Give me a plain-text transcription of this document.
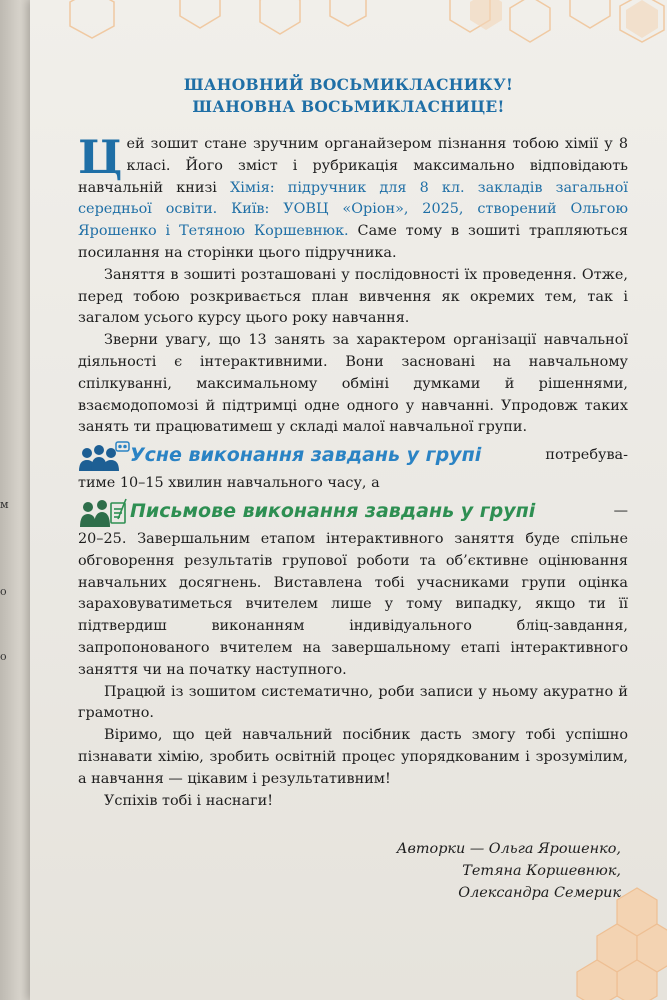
м
о
о
ШАНОВНИЙ ВОСЬМИКЛАСНИКУ!
ШАНОВНА ВОСЬМИКЛАСНИЦЕ!

Цей зошит стане зручним органайзером пізнання тобою хімії у 8 класі. Його зміст і рубрикація максимально відповідають навчальній книзі Хімія: підручник для 8 кл. закладів загальної середньої освіти. Київ: УОВЦ «Оріон», 2025, створений Ольгою Ярошенко і Тетяною Коршевнюк. Саме тому в зошиті трапляються посилання на сторінки цього підручника.

Заняття в зошиті розташовані у послідовності їх проведення. Отже, перед тобою розкривається план вивчення як окремих тем, так і загалом усього курсу цього року навчання.

Зверни увагу, що 13 занять за характером організації навчальної діяльності є інтерактивними. Вони засновані на навчальному спілкуванні, максимальному обміні думками й рішеннями, взаємодопомозі й підтримці одне одного у навчанні. Упродовж таких занять ти працюватимеш у складі малої навчальної групи.

Усне виконання завдань у групі	потребува-

тиме 10–15 хвилин навчального часу, а

Письмове виконання завдань у групі	—

20–25. Завершальним етапом інтерактивного заняття буде спільне обговорення результатів групової роботи та об’єктивне оцінювання навчальних досягнень. Виставлена тобі учасниками групи оцінка зараховуватиметься вчителем лише у тому випадку, якщо ти її підтвердиш виконанням індивідуального бліц-завдання, запропонованого вчителем на завершальному етапі інтерактивного заняття чи на початку наступного.

Працюй із зошитом систематично, роби записи у ньому акуратно й грамотно.

Віримо, що цей навчальний посібник дасть змогу тобі успішно пізнавати хімію, зробить освітній процес упорядкованим і зрозумілим, а навчання — цікавим і результативним!

Успіхів тобі і наснаги!

Авторки — Ольга Ярошенко,
Тетяна Коршевнюк,
Олександра Семерик
